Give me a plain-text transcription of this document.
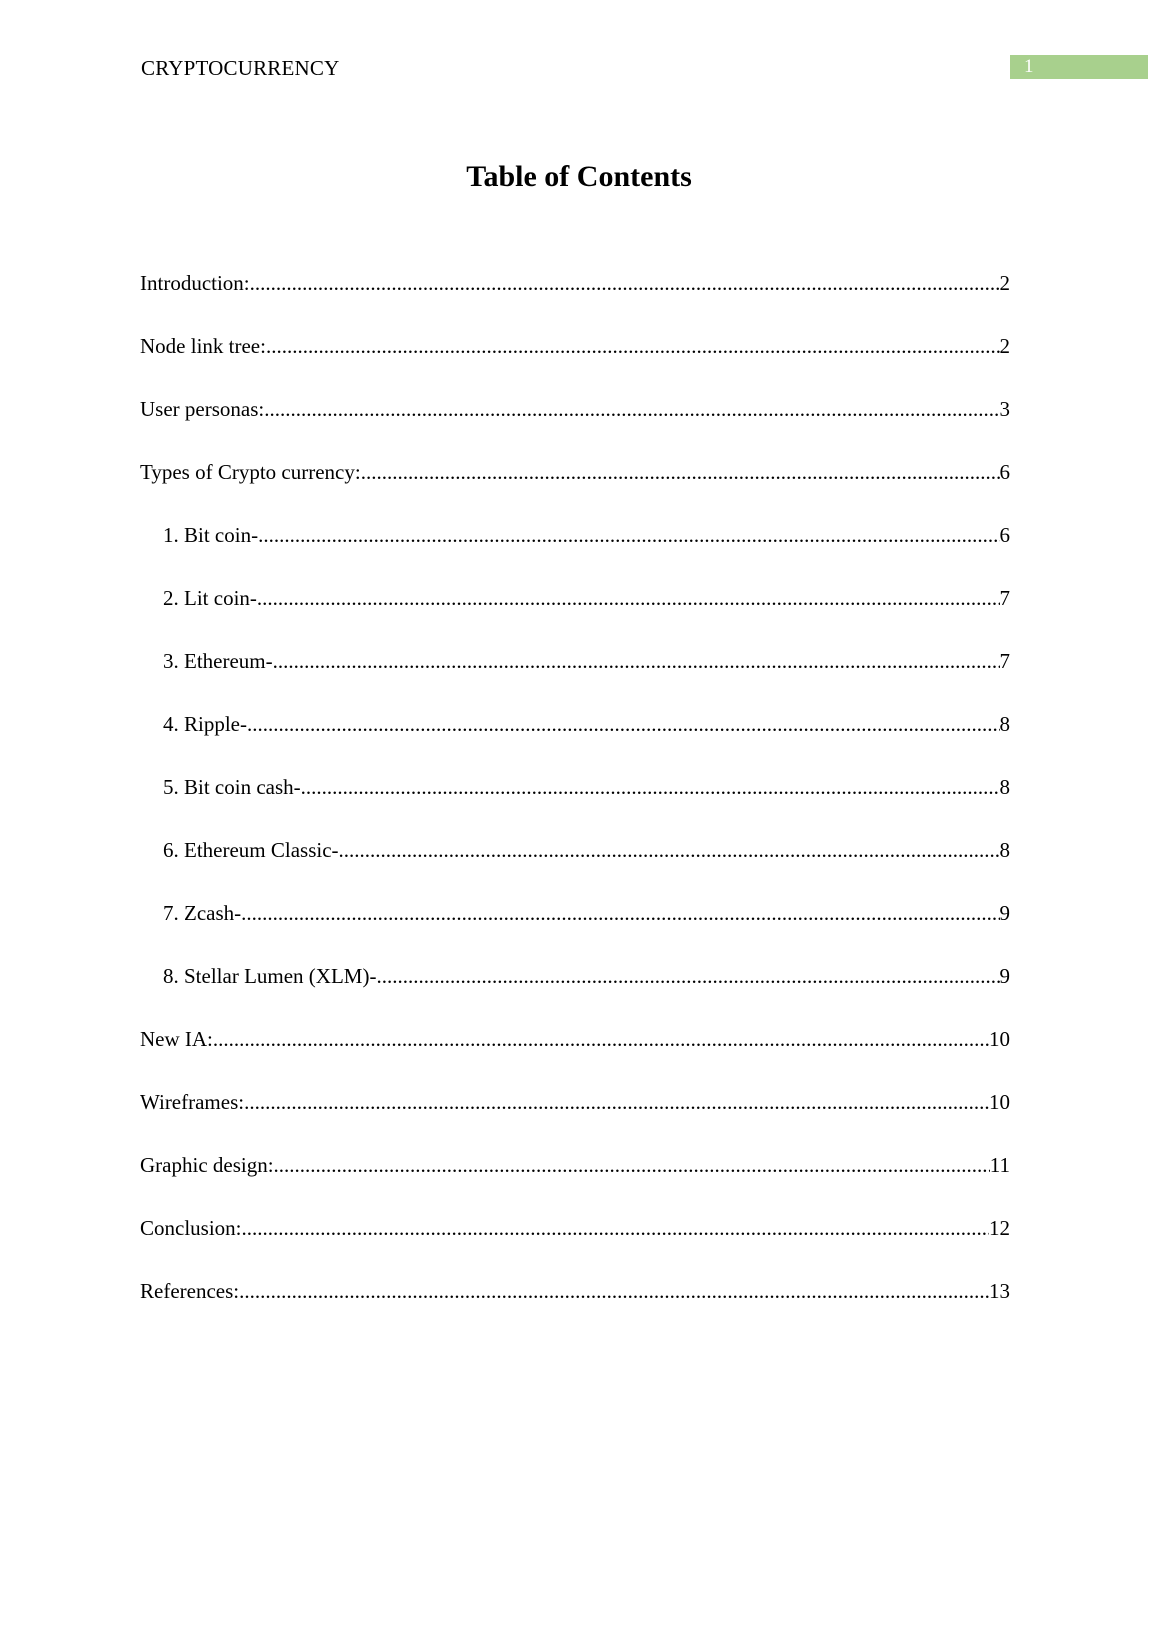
CRYPTOCURRENCY	1
Table of Contents
Introduction: .....	2
Node link tree: .....	2
User personas: .....	3
Types of Crypto currency: .....	6
1. Bit coin- .....	6
2. Lit coin- .....	7
3. Ethereum- .....	7
4. Ripple- .....	8
5. Bit coin cash- .....	8
6. Ethereum Classic- .....	8
7. Zcash- .....	9
8. Stellar Lumen (XLM)- .....	9
New IA: .....	10
Wireframes: .....	10
Graphic design: .....	11
Conclusion: .....	12
References: .....	13
